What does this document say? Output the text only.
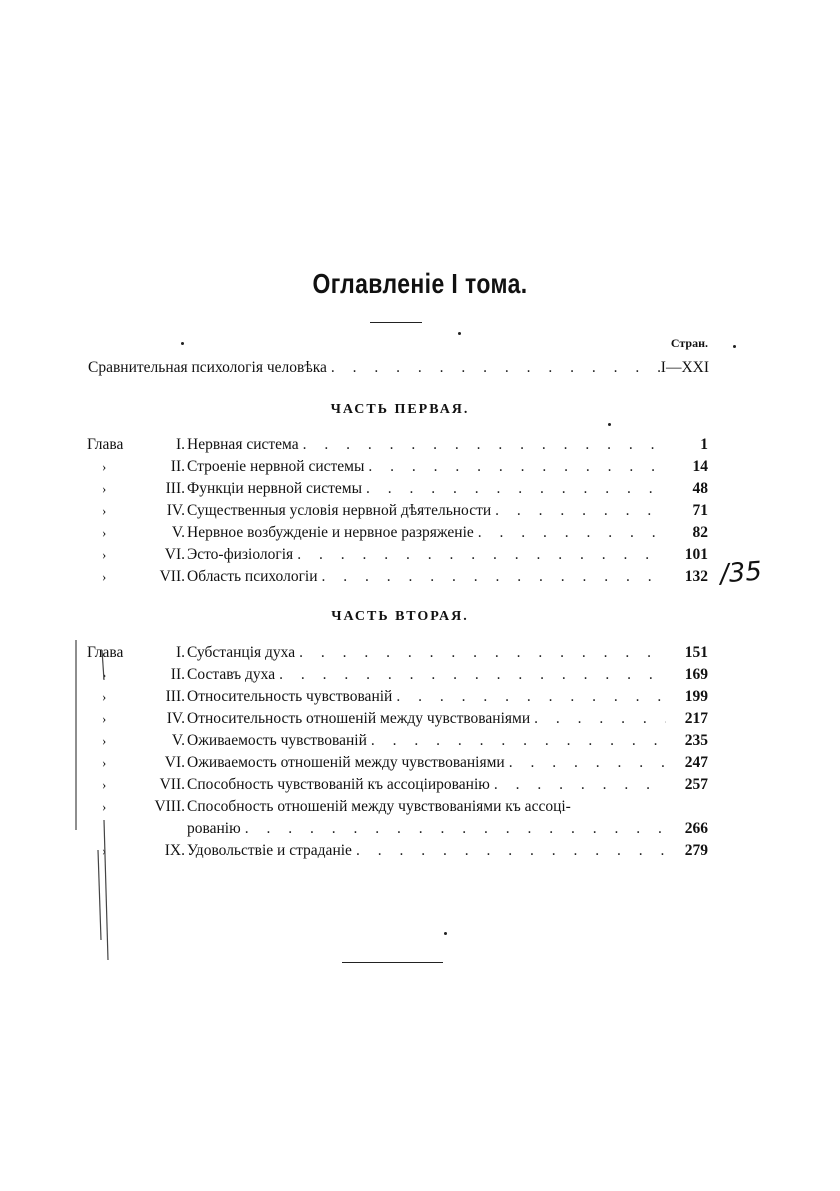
Оглавленіе I тома.
Стран.
Сравнительная психологія человѣка . . .	I—XXI
ЧАСТЬ ПЕРВАЯ.
Глава	I. Нервная система . . .	1
›	II. Строеніе нервной системы . . .	14
›	III. Функціи нервной системы . . .	48
›	IV. Существенныя условія нервной дѣятельности . . .	71
›	V. Нервное возбужденіе и нервное разряженіе . . .	82
›	VI. Эсто-физіологія . . .	101
›	VII. Область психологіи . . .	132 /35
ЧАСТЬ ВТОРАЯ.
Глава	I. Субстанція духа . . .	151
›	II. Составъ духа . . .	169
›	III. Относительность чувствованій . . .	199
›	IV. Относительность отношеній между чувствованіями . . .	217
›	V. Оживаемость чувствованій . . .	235
›	VI. Оживаемость отношеній между чувствованіями . . .	247
›	VII. Способность чувствованій къ ассоціированію . . .	257
›	VIII. Способность отношеній между чувствованіями къ ассоці-
рованію . . .	266
›	IX. Удовольствіе и страданіе . . .	279
